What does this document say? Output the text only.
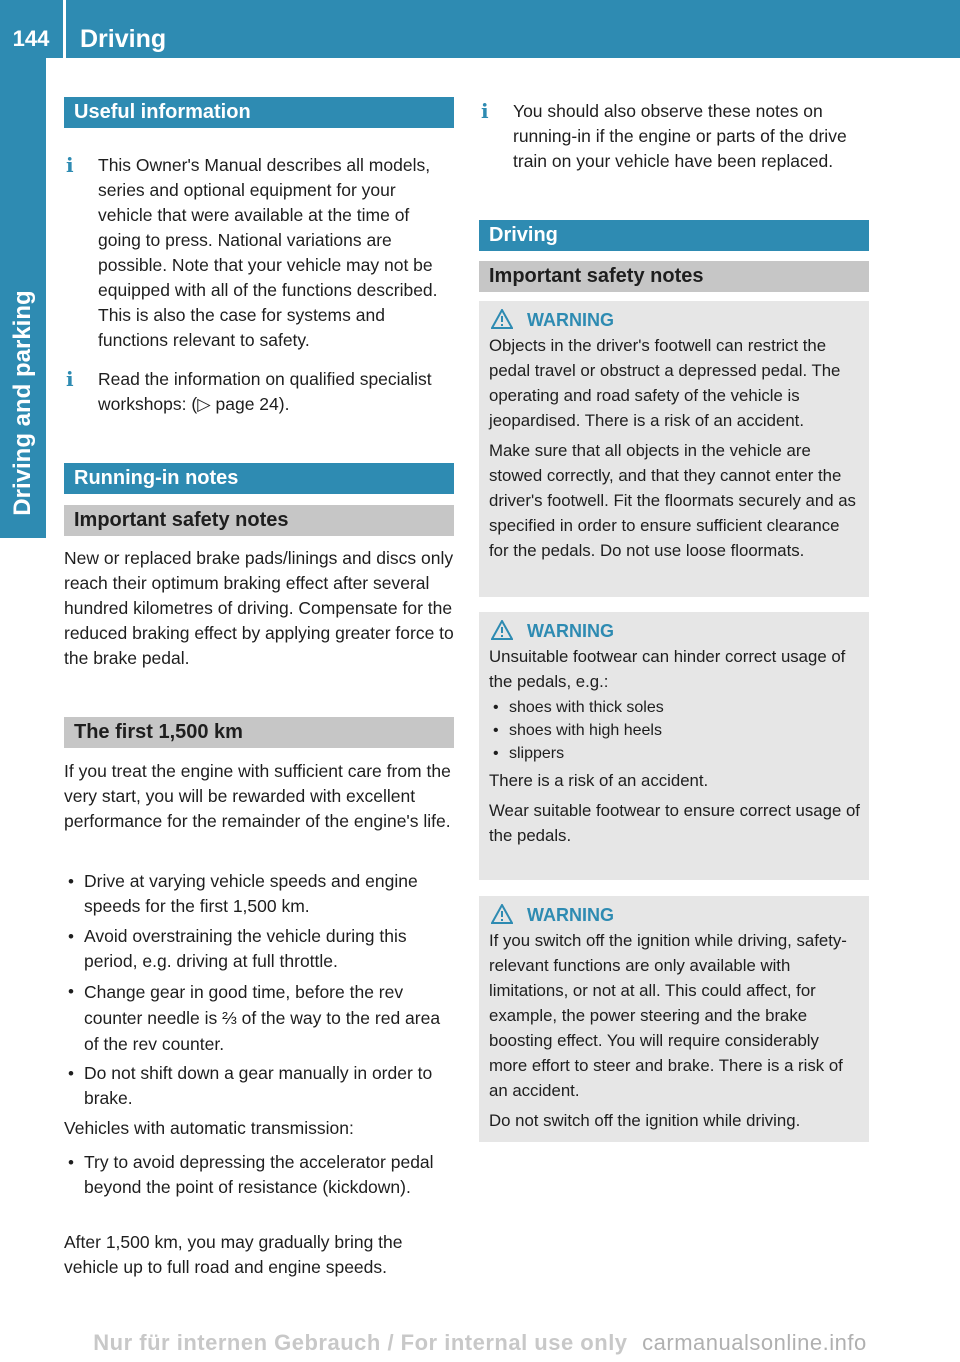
144	Driving
Driving and parking
Useful information
i This Owner's Manual describes all models, series and optional equipment for your vehicle that were available at the time of going to press. National variations are possible. Note that your vehicle may not be equipped with all of the functions described. This is also the case for systems and functions relevant to safety.
i Read the information on qualified specialist workshops: (▷ page 24).
Running-in notes
Important safety notes

New or replaced brake pads/linings and discs only reach their optimum braking effect after several hundred kilometres of driving. Compensate for the reduced braking effect by applying greater force to the brake pedal.

The first 1,500 km

If you treat the engine with sufficient care from the very start, you will be rewarded with excellent performance for the remainder of the engine's life.

• Drive at varying vehicle speeds and engine speeds for the first 1,500 km.
• Avoid overstraining the vehicle during this period, e.g. driving at full throttle.
• Change gear in good time, before the rev counter needle is ⅔ of the way to the red area of the rev counter.
• Do not shift down a gear manually in order to brake.

Vehicles with automatic transmission:

• Try to avoid depressing the accelerator pedal beyond the point of resistance (kickdown).

After 1,500 km, you may gradually bring the vehicle up to full road and engine speeds.

i You should also observe these notes on running-in if the engine or parts of the drive train on your vehicle have been replaced.
Driving
Important safety notes
WARNING

Objects in the driver's footwell can restrict the pedal travel or obstruct a depressed pedal. The operating and road safety of the vehicle is jeopardised. There is a risk of an accident.

Make sure that all objects in the vehicle are stowed correctly, and that they cannot enter the driver's footwell. Fit the floormats securely and as specified in order to ensure sufficient clearance for the pedals. Do not use loose floormats.

WARNING

Unsuitable footwear can hinder correct usage of the pedals, e.g.:

• shoes with thick soles
• shoes with high heels
• slippers

There is a risk of an accident.

Wear suitable footwear to ensure correct usage of the pedals.

WARNING

If you switch off the ignition while driving, safety-relevant functions are only available with limitations, or not at all. This could affect, for example, the power steering and the brake boosting effect. You will require considerably more effort to steer and brake. There is a risk of an accident.

Do not switch off the ignition while driving.

Nur für internen Gebrauch / For internal use only carmanualsonline.info
